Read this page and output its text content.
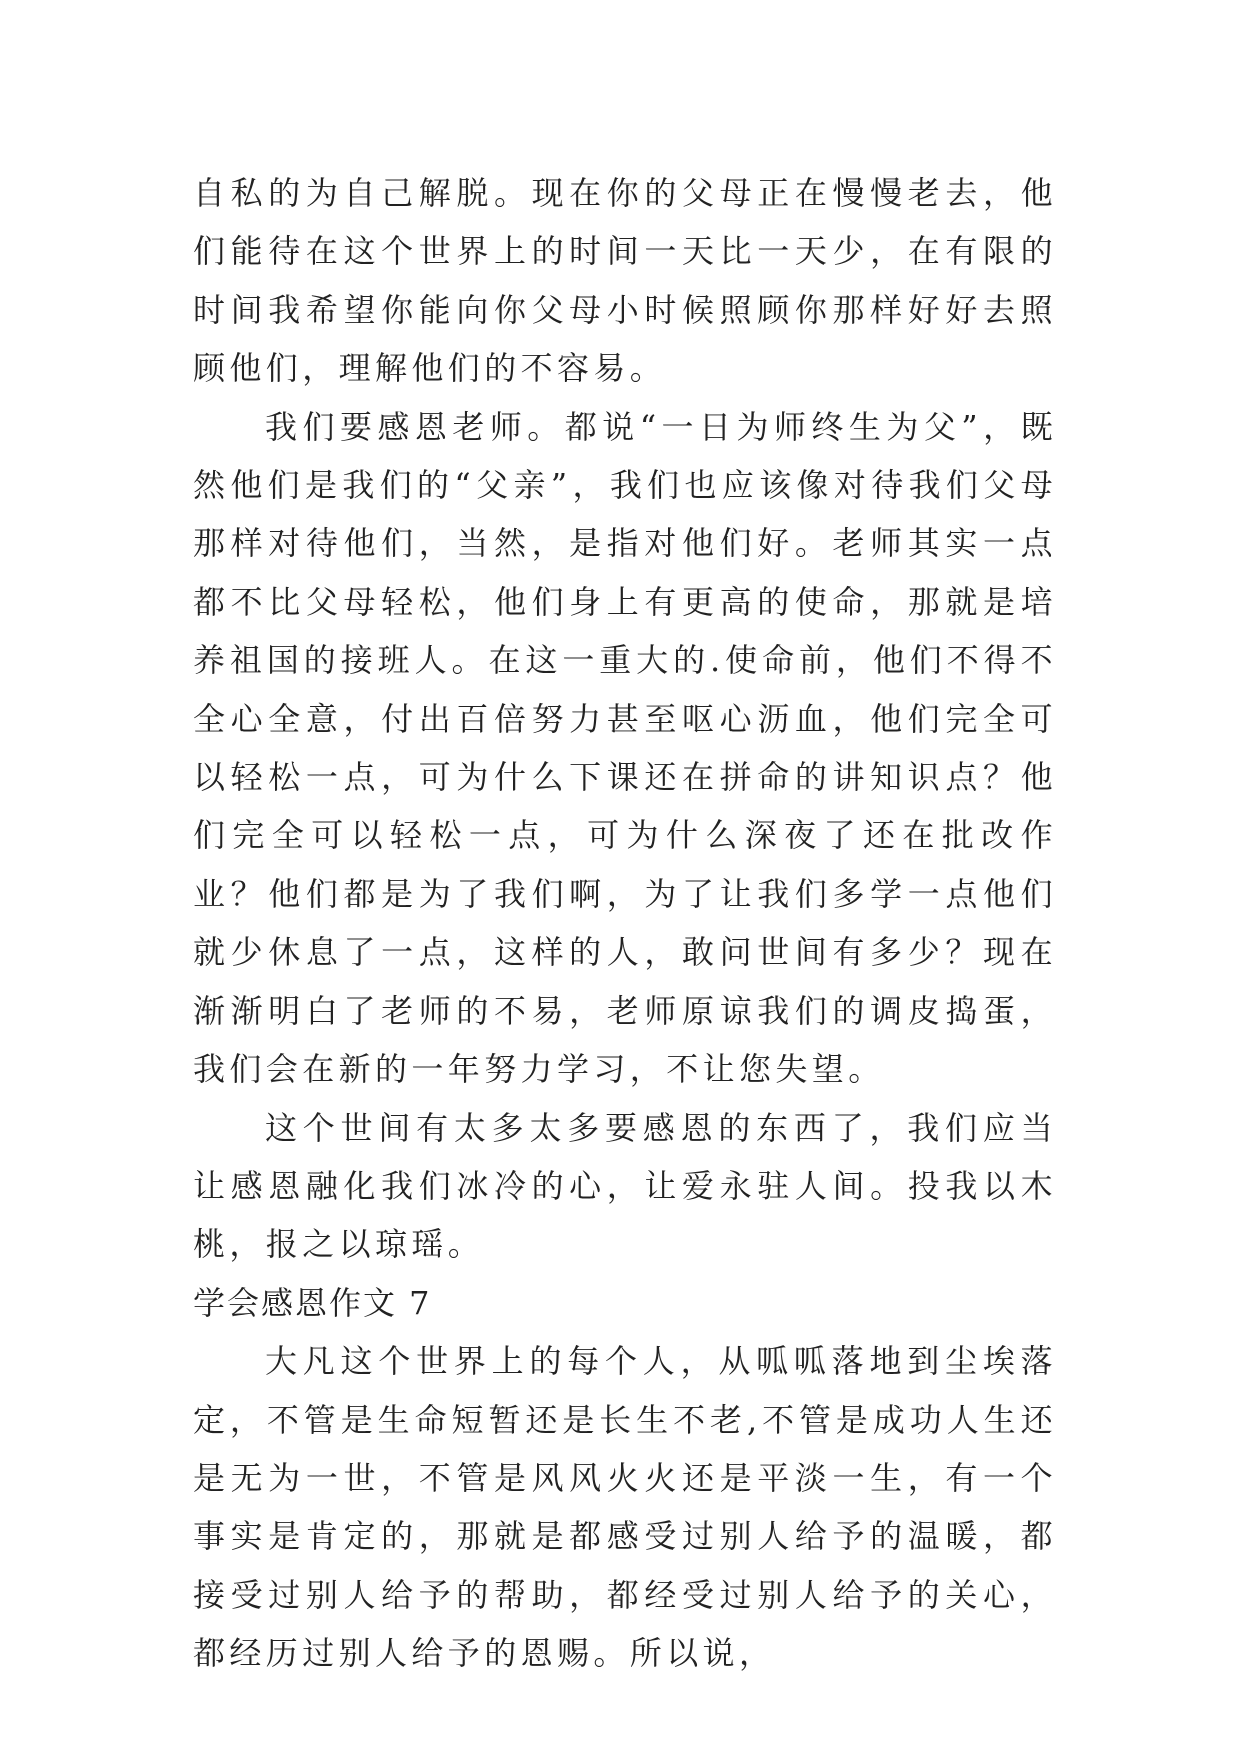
自私的为自己解脱。现在你的父母正在慢慢老去，他们能待在这个世界上的时间一天比一天少，在有限的时间我希望你能向你父母小时候照顾你那样好好去照顾他们，理解他们的不容易。

我们要感恩老师。都说“一日为师终生为父”，既然他们是我们的“父亲”，我们也应该像对待我们父母那样对待他们，当然，是指对他们好。老师其实一点都不比父母轻松，他们身上有更高的使命，那就是培养祖国的接班人。在这一重大的.使命前，他们不得不全心全意，付出百倍努力甚至呕心沥血，他们完全可以轻松一点，可为什么下课还在拼命的讲知识点？他们完全可以轻松一点，可为什么深夜了还在批改作业？他们都是为了我们啊，为了让我们多学一点他们就少休息了一点，这样的人，敢问世间有多少？现在渐渐明白了老师的不易，老师原谅我们的调皮捣蛋，我们会在新的一年努力学习，不让您失望。

这个世间有太多太多要感恩的东西了，我们应当让感恩融化我们冰冷的心，让爱永驻人间。投我以木桃，报之以琼瑶。

学会感恩作文 7

大凡这个世界上的每个人，从呱呱落地到尘埃落定，不管是生命短暂还是长生不老,不管是成功人生还是无为一世，不管是风风火火还是平淡一生，有一个事实是肯定的，那就是都感受过别人给予的温暖，都接受过别人给予的帮助，都经受过别人给予的关心，都经历过别人给予的恩赐。所以说，
